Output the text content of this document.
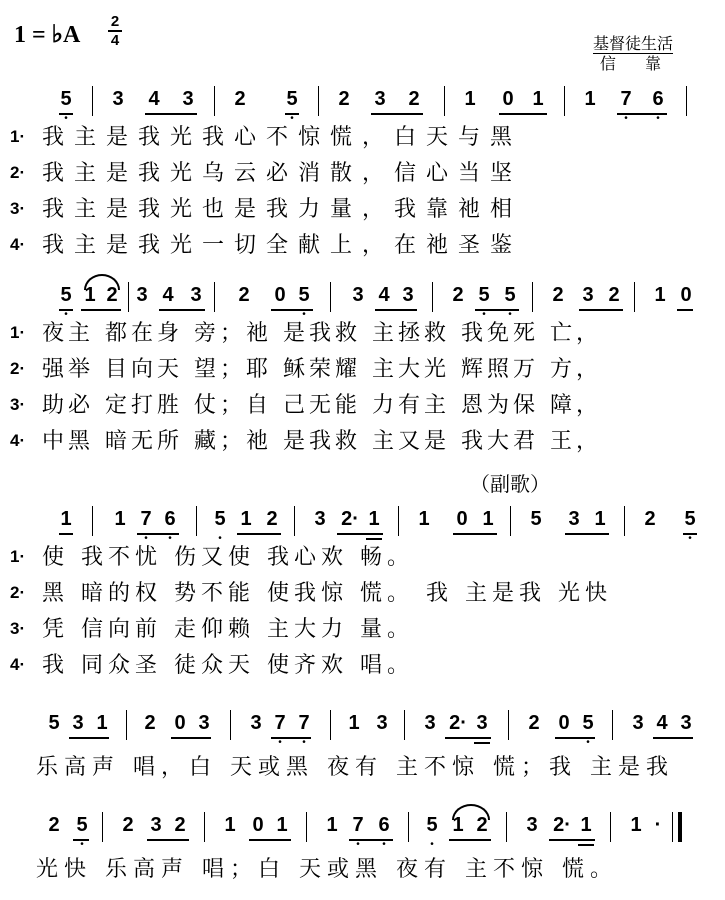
1 = ♭A
2
4	基督徒生活
信 靠
5
•
3 4 3 2 5
•
2 3 2 1 0 1 1 7 6
•	•
1· 我主是我光我心不惊慌，白天与黑
2· 我主是我光乌云必消散，信心当坚
3· 我主是我光也是我力量，我靠祂相
4· 我主是我光一切全献上，在祂圣鉴
5 1 2
•
3 4 3 2 0 5
•
3 4 3 2 5 5
•	•
2 3 2 1 0
1· 夜主 都在身 旁；祂 是我救 主拯救 我免死 亡，
2· 强举 目向天 望；耶 稣荣耀 主大光 辉照万 方，
3· 助必 定打胜 仗；自 己无能 力有主 恩为保 障，
4· 中黑 暗无所 藏；祂 是我救 主又是 我大君 王，
（副歌）
1 1 7 6
•	•
5 1 2
•
3 2· 1 1 0 1 5 3 1 2 5
•
1· 使 我不忧 伤又使 我心欢 畅。
2· 黑 暗的权 势不能 使我惊 慌。 我 主是我 光快
3· 凭 信向前 走仰赖 主大力 量。
4· 我 同众圣 徒众天 使齐欢 唱。
5 3 1 2 0 3 3 7 7
•	•
1 3 3 2· 3 2 0 5
•
3 4 3
乐高声 唱，白 天或黑 夜有 主不惊 慌；我 主是我
2 5
•
2 3 2 1 0 1 1 7 6
•	•
5 1 2
•
3 2· 1 1 ·
光快 乐高声 唱；白 天或黑 夜有 主不惊 慌。
